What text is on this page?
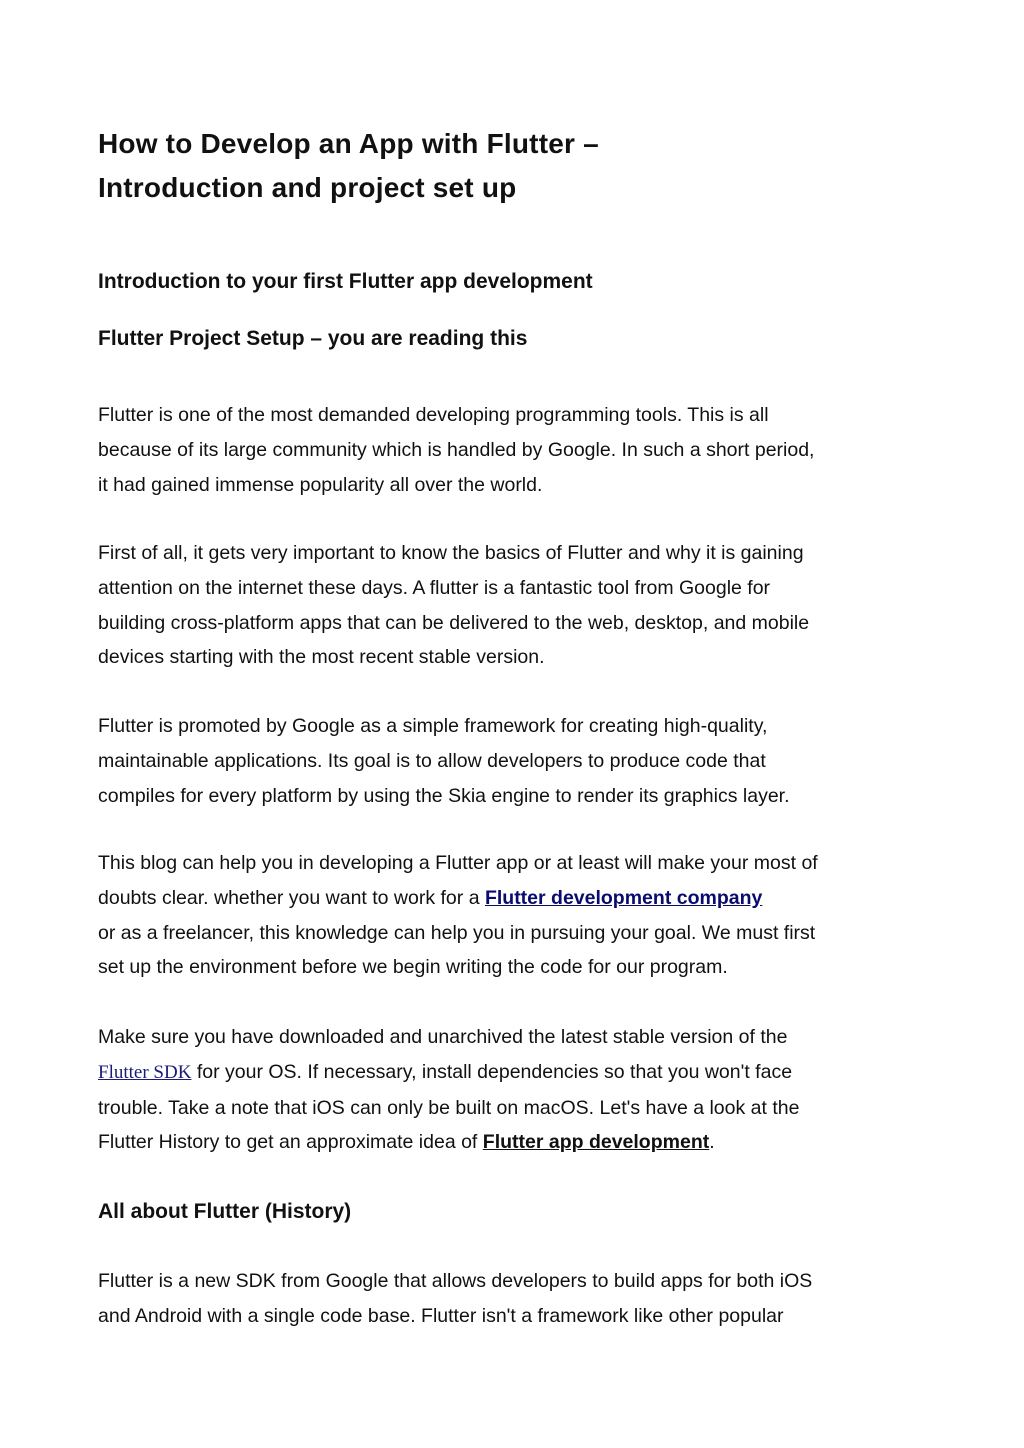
How to Develop an App with Flutter –
Introduction and project set up
Introduction to your first Flutter app development
Flutter Project Setup – you are reading this
Flutter is one of the most demanded developing programming tools. This is all
because of its large community which is handled by Google. In such a short period,
it had gained immense popularity all over the world.
First of all, it gets very important to know the basics of Flutter and why it is gaining
attention on the internet these days. A flutter is a fantastic tool from Google for
building cross-platform apps that can be delivered to the web, desktop, and mobile
devices starting with the most recent stable version.
Flutter is promoted by Google as a simple framework for creating high-quality,
maintainable applications. Its goal is to allow developers to produce code that
compiles for every platform by using the Skia engine to render its graphics layer.
This blog can help you in developing a Flutter app or at least will make your most of
doubts clear. whether you want to work for a Flutter development company
or as a freelancer, this knowledge can help you in pursuing your goal. We must first
set up the environment before we begin writing the code for our program.
Make sure you have downloaded and unarchived the latest stable version of the
Flutter SDK for your OS. If necessary, install dependencies so that you won't face
trouble. Take a note that iOS can only be built on macOS. Let's have a look at the
Flutter History to get an approximate idea of Flutter app development.
All about Flutter (History)
Flutter is a new SDK from Google that allows developers to build apps for both iOS
and Android with a single code base. Flutter isn't a framework like other popular
